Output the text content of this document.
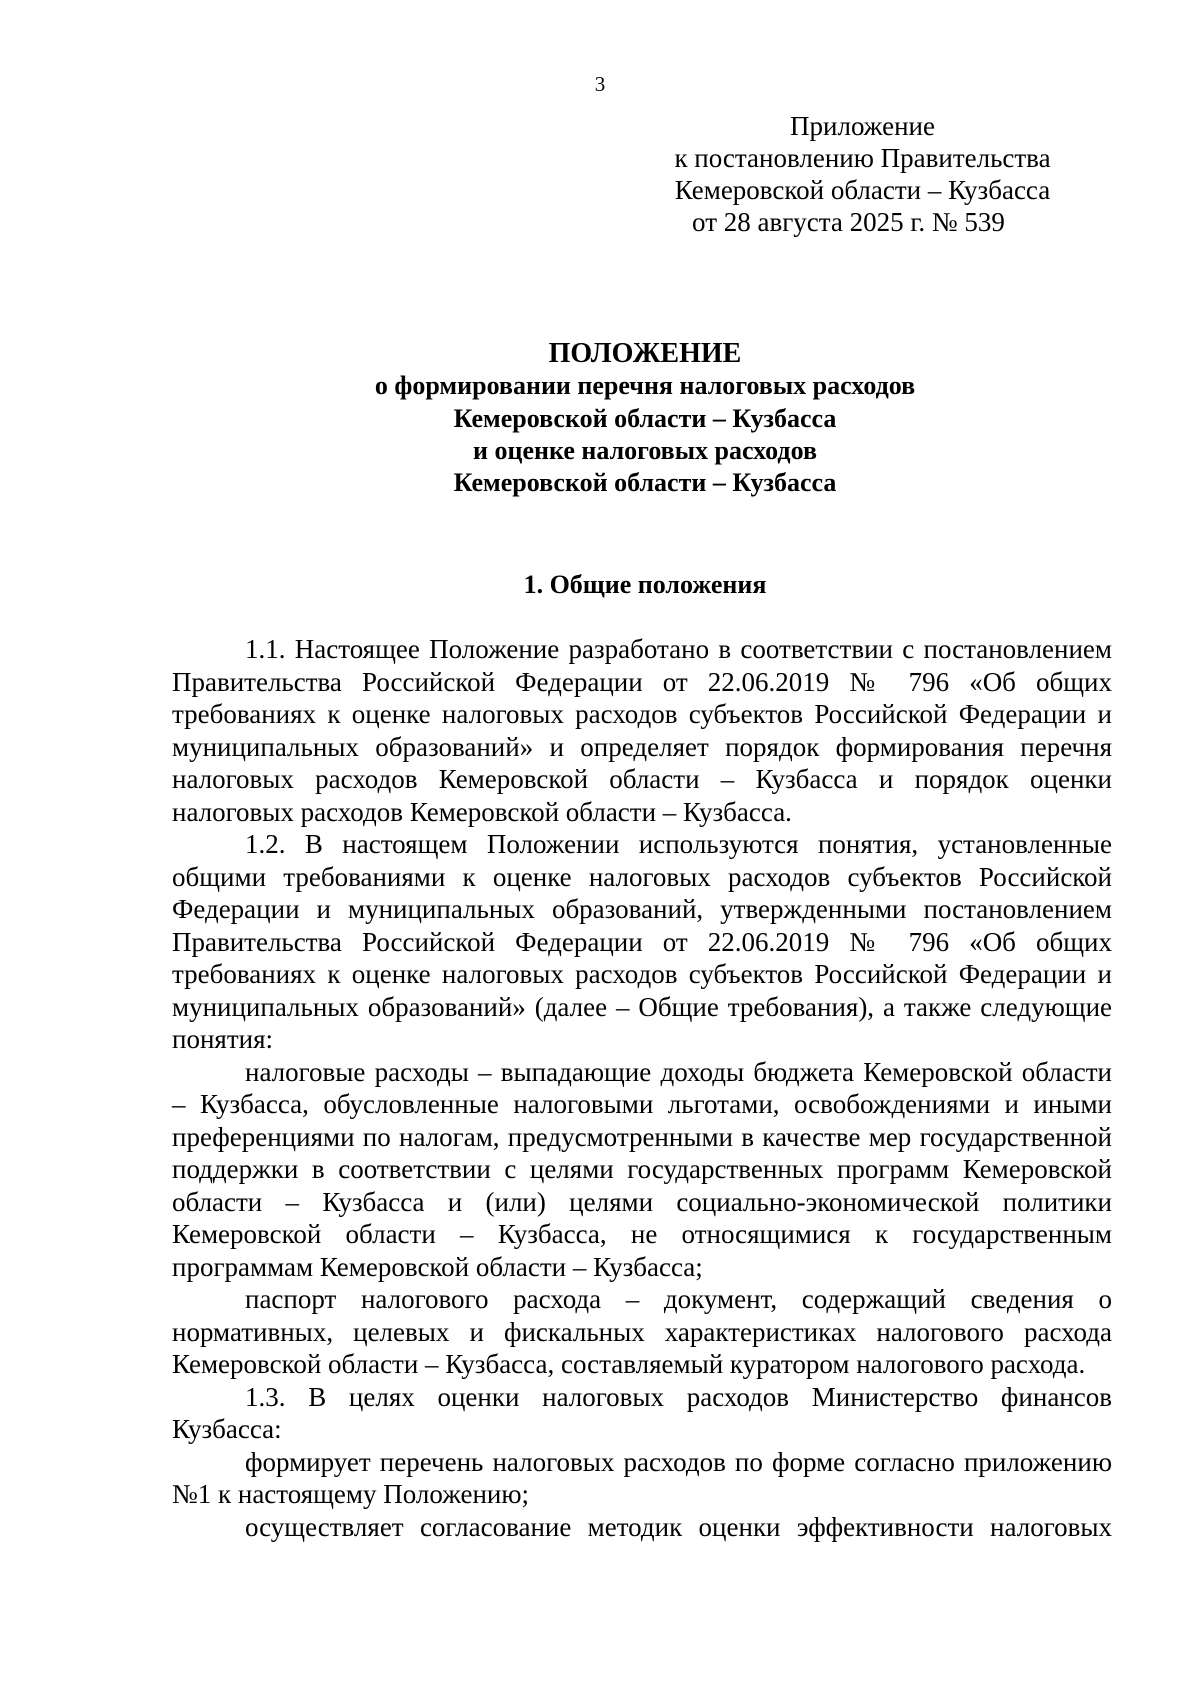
3
Приложение
к постановлению Правительства
Кемеровской области – Кузбасса
от 28 августа 2025 г. № 539
ПОЛОЖЕНИЕ
о формировании перечня налоговых расходов
Кемеровской области – Кузбасса
и оценке налоговых расходов
Кемеровской области – Кузбасса
1. Общие положения

1.1. Настоящее Положение разработано в соответствии с постановлением Правительства Российской Федерации от 22.06.2019 № 796 «Об общих требованиях к оценке налоговых расходов субъектов Российской Федерации и муниципальных образований» и определяет порядок формирования перечня налоговых расходов Кемеровской области – Кузбасса и порядок оценки налоговых расходов Кемеровской области – Кузбасса.

1.2. В настоящем Положении используются понятия, установленные общими требованиями к оценке налоговых расходов субъектов Российской Федерации и муниципальных образований, утвержденными постановлением Правительства Российской Федерации от 22.06.2019 № 796 «Об общих требованиях к оценке налоговых расходов субъектов Российской Федерации и муниципальных образований» (далее – Общие требования), а также следующие понятия:

налоговые расходы – выпадающие доходы бюджета Кемеровской области – Кузбасса, обусловленные налоговыми льготами, освобождениями и иными преференциями по налогам, предусмотренными в качестве мер государственной поддержки в соответствии с целями государственных программ Кемеровской области – Кузбасса и (или) целями социально-экономической политики Кемеровской области – Кузбасса, не относящимися к государственным программам Кемеровской области – Кузбасса;

паспорт налогового расхода – документ, содержащий сведения о нормативных, целевых и фискальных характеристиках налогового расхода Кемеровской области – Кузбасса, составляемый куратором налогового расхода.

1.3. В целях оценки налоговых расходов Министерство финансов Кузбасса:

формирует перечень налоговых расходов по форме согласно приложению №1 к настоящему Положению;

осуществляет согласование методик оценки эффективности налоговых
